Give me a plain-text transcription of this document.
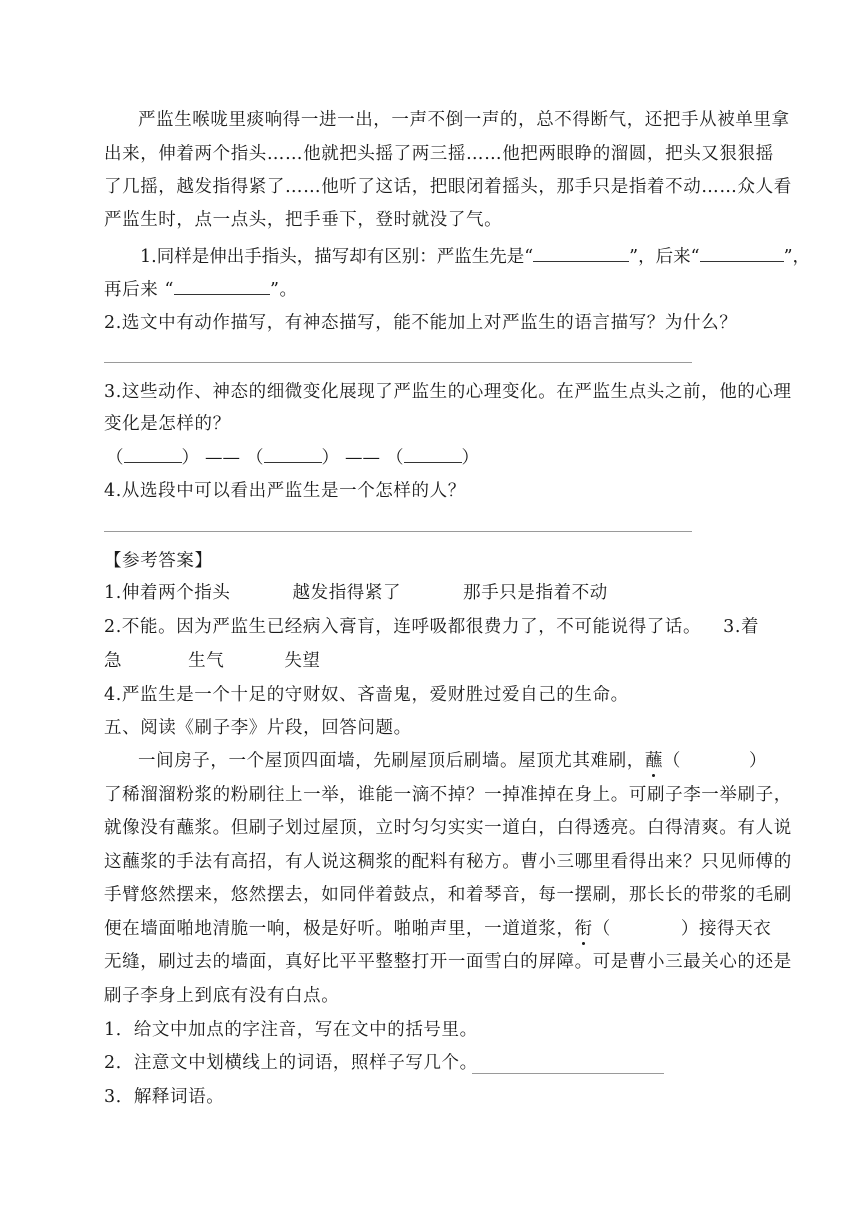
严监生喉咙里痰响得一进一出，一声不倒一声的，总不得断气，还把手从被单里拿
出来，伸着两个指头……他就把头摇了两三摇……他把两眼睁的溜圆，把头又狠狠摇
了几摇，越发指得紧了……他听了这话，把眼闭着摇头，那手只是指着不动……众人看
严监生时，点一点头，把手垂下，登时就没了气。
1.同样是伸出手指头，描写却有区别：严监生先是“	”，后来“	”，
再后来 “	”。
2.选文中有动作描写，有神态描写，能不能加上对严监生的语言描写？为什么？
3.这些动作、神态的细微变化展现了严监生的心理变化。在严监生点头之前，他的心理
变化是怎样的？
（	） —— （	） —— （	）
4.从选段中可以看出严监生是一个怎样的人？
【参考答案】
1.伸着两个指头	越发指得紧了	那手只是指着不动
2.不能。因为严监生已经病入膏肓，连呼吸都很费力了，不可能说得了话。 3.着
急	生气	失望
4.严监生是一个十足的守财奴、吝啬鬼，爱财胜过爱自己的生命。
五、阅读《刷子李》片段，回答问题。
一间房子，一个屋顶四面墙，先刷屋顶后刷墙。屋顶尤其难刷，蘸（	）
了稀溜溜粉浆的粉刷往上一举，谁能一滴不掉？一掉准掉在身上。可刷子李一举刷子，
就像没有蘸浆。但刷子划过屋顶，立时匀匀实实一道白，白得透亮。白得清爽。有人说
这蘸浆的手法有高招，有人说这稠浆的配料有秘方。曹小三哪里看得出来？只见师傅的
手臂悠然摆来，悠然摆去，如同伴着鼓点，和着琴音，每一摆刷，那长长的带浆的毛刷
便在墙面啪地清脆一响，极是好听。啪啪声里，一道道浆，衔（	）接得天衣
无缝，刷过去的墙面，真好比平平整整打开一面雪白的屏障。可是曹小三最关心的还是
刷子李身上到底有没有白点。
1．给文中加点的字注音，写在文中的括号里。
2．注意文中划横线上的词语，照样子写几个。
3．解释词语。
